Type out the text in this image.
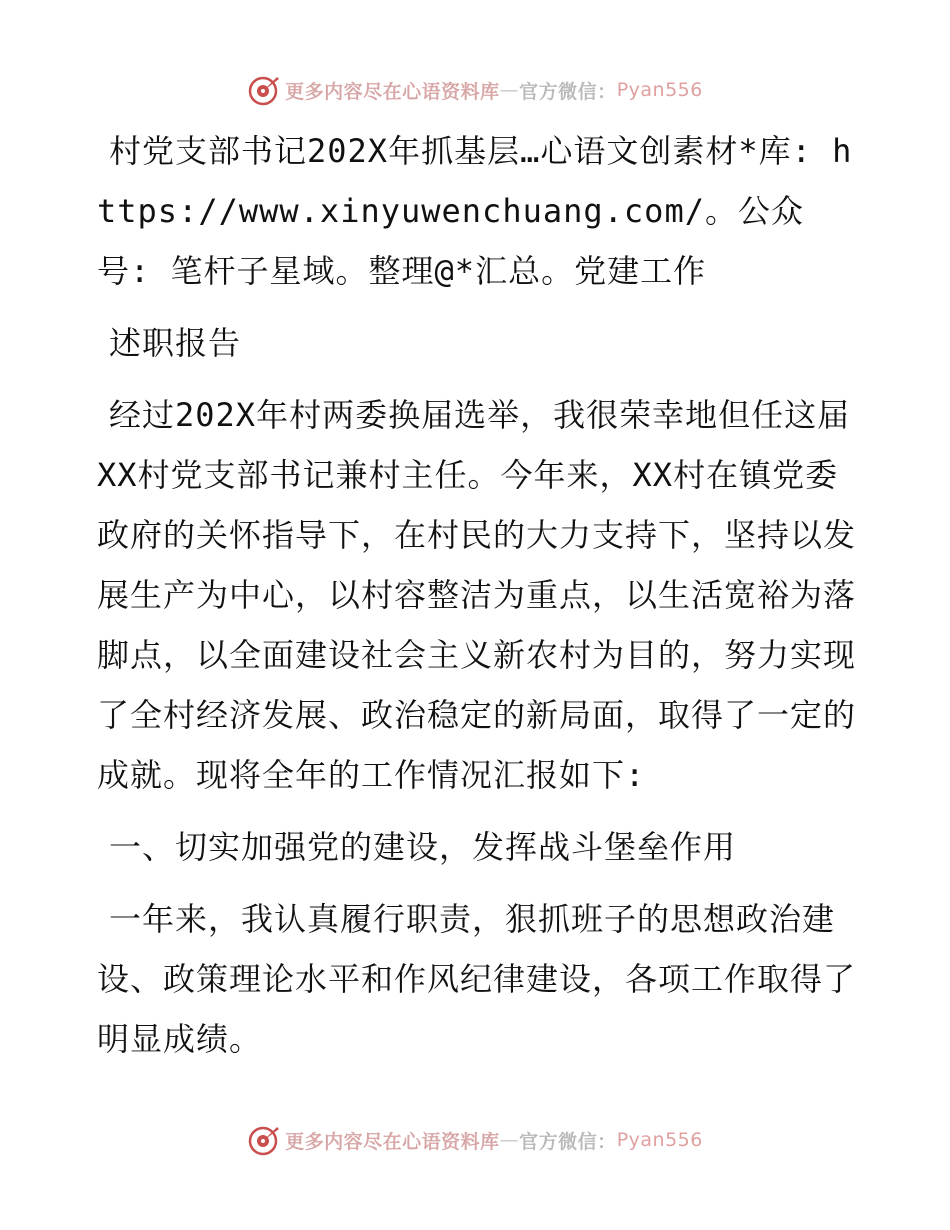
更多内容尽在心语资料库 — 官方微信： Pyan556

村党支部书记202X年抓基层…心语文创素材*库: https://www.xinyuwenchuang.com/。公众号: 笔杆子星域。整理@*汇总。党建工作

述职报告

经过202X年村两委换届选举，我很荣幸地但任这届XX村党支部书记兼村主任。今年来，XX村在镇党委政府的关怀指导下，在村民的大力支持下，坚持以发展生产为中心，以村容整洁为重点，以生活宽裕为落脚点，以全面建设社会主义新农村为目的，努力实现了全村经济发展、政治稳定的新局面，取得了一定的成就。现将全年的工作情况汇报如下:

一、切实加强党的建设，发挥战斗堡垒作用

一年来，我认真履行职责，狠抓班子的思想政治建设、政策理论水平和作风纪律建设，各项工作取得了明显成绩。

更多内容尽在心语资料库 — 官方微信： Pyan556
